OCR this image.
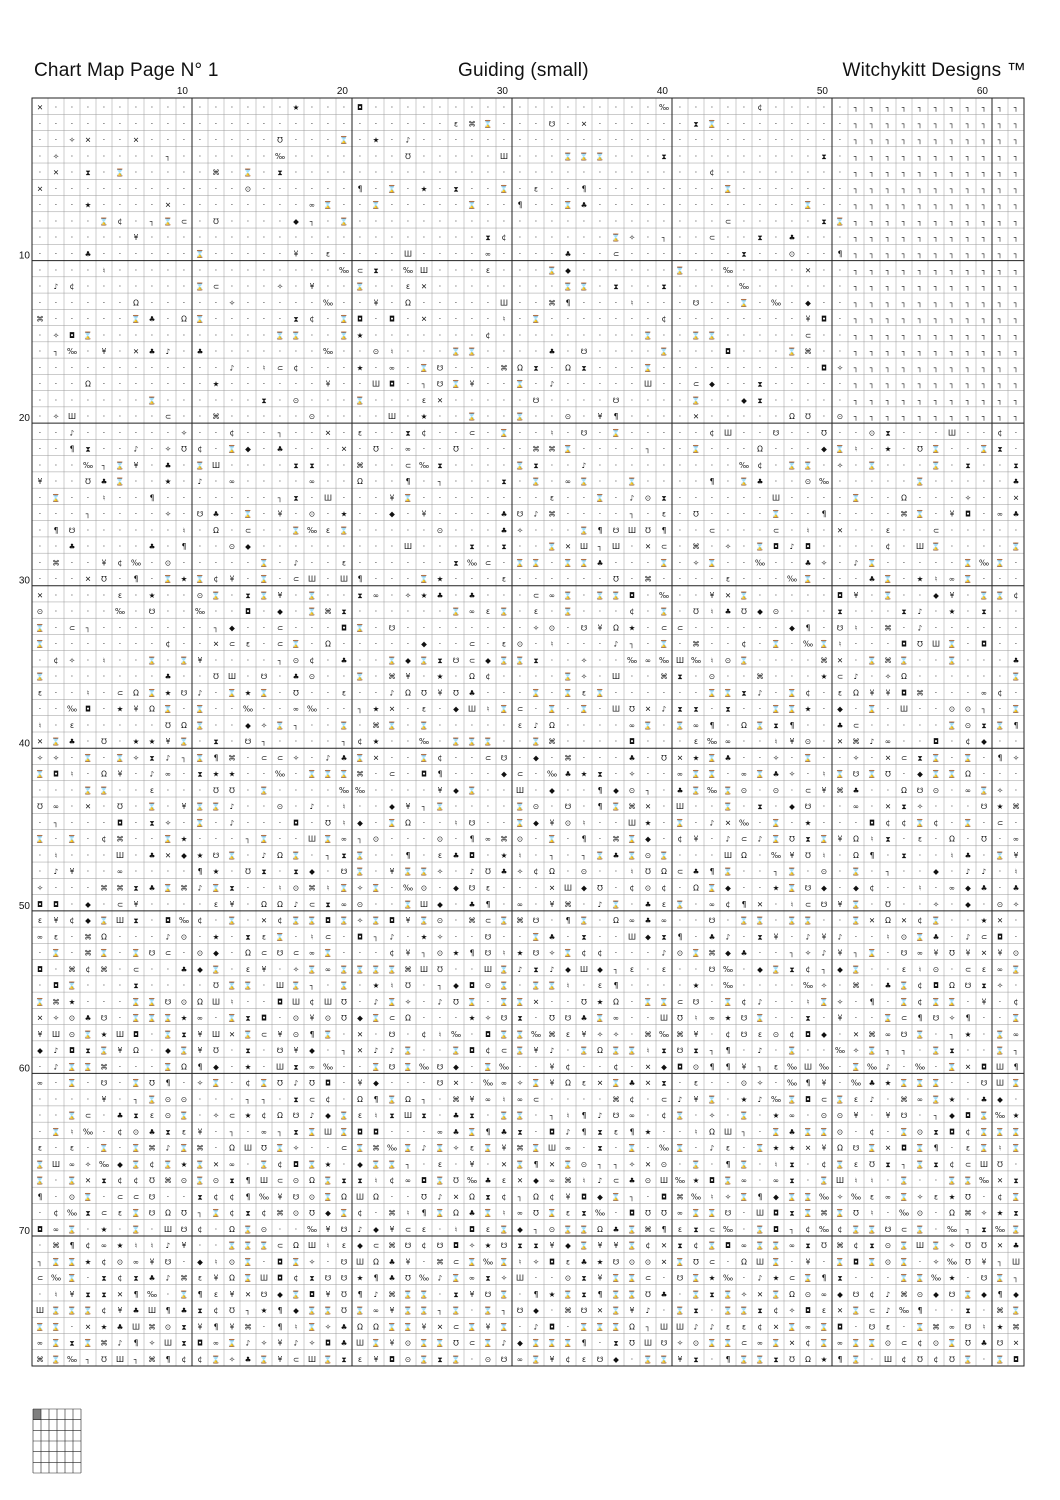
Chart Map Page N° 1	Guiding (small)	Witchykitt Designs ™
10	20	30	40	50	60
10
20
30
40
50
60
70
✕ · · · · · · · · · · · · · · · ★ · · · ◘ · · · · · · · · · · · · · · · · · · ‰ · · · · · ¢ · · · · · ┐ ┐ ┐ ┐ ┐ ┐ ┐ ┐ ┐ ┐ ┐
· · · · · · · · · · · · · · · · · · · · · · · · · · ε ⌘ ⌛ · · · ☋ · ✕ · · · · · · ⧗ ⌛ · · · · · · · · ┐ ┐ ┐ ┐ ┐ ┐ ┐ ┐ ┐ ┐ ┐
· · ✧ ✕ · · ✕ · · · · · · · · ℧ · · · ⌛ · ★ · ♪ · · · · · · · · · · · · · · · · · · · · · · · · · · · ┐ ┐ ┐ ┐ ┐ ┐ ┐ ┐ ┐ ┐ ┐
· ✧ · · · · · · ┐ · · · · · · ‰ · · · · · · · ℧ · · · · · Ш · · · ⌛ ⌛ ⌛ · · · ⧗ · · · · · · · · · ⧗ · ┐ ┐ ┐ ┐ ┐ ┐ ┐ ┐ ┐ ┐ ┐
· ✕ · ⧗ · ⌛ · · · · · ⌘ · ⌛ · ⧗ · · · · · · · · · · · · · · · · · · · · · · · · · · ¢ · · · · · · · · ┐ ┐ ┐ ┐ ┐ ┐ ┐ ┐ ┐ ┐ ┐
✕ · · · · · · · · · · · · ⊙ · · · · · · ¶ · ⌛ · ★ · ⧗ · · ⌛ · ε · · ¶ · · · · · · · · ⌛ · · · · · · · ┐ ┐ ┐ ┐ ┐ ┐ ┐ ┐ ┐ ┐ ┐
· · · ★ · · · · ✕ · · · · · · · · ∞ ⌛ · · ⌛ · · · · · ⌛ · · ¶ · · ⌛ ♣ · · · · · · · · · · · · · ⌛ · · ┐ ┐ ┐ ┐ ┐ ┐ ┐ ┐ ┐ ┐ ┐
· · · · ⌛ ¢ · ┐ ⌛ ⊂ · ℧ · · · · ◆ ┐ · ⌛ · · · · · · · · · · · · · · · · · · · · · · · ⊂ · · · · · ⧗ ⌛ ┐ ┐ ┐ ┐ ┐ ┐ ┐ ┐ ┐ ┐ ┐
· · · · · · ¥ · · · · · · · · · · · · · · · · · · · · · ⧗ ¢ · · · · · · ⌛ ✧ · ┐ · · ⊂ · · ⧗ · ♣ · · · ┐ ┐ ┐ ┐ ┐ ┐ ┐ ┐ ┐ ┐ ┐
· · · ♣ · · · · · · ⌛ · · · · · ¥ · ε · · · · Ш · · · · ∞ · · · · ♣ · · ⊂ · · · · · · · ⧗ · · ⊙ · · ¶ ┐ ┐ ┐ ┐ ┐ ┐ ┐ ┐ ┐ ┐ ┐
· · · · ♮ · · · · · · · · · · · · · · ‰ ⊂ ⧗ · ‰ Ш · · · ε · · · ⌛ ◆ · · · · · · ⌛ · · ‰ · · · · ✕ · · ┐ ┐ ┐ ┐ ┐ ┐ ┐ ┐ ┐ ┐ ┐
· ♪ ¢ · · · · · · · ⌛ ⊂ · · · ✧ · ¥ · · ⌛ · · ε ✕ · · · · · · · · ⌛ ⌛ · ⧗ · · ⧗ · · · · ‰ · · · · · · ┐ ┐ ┐ ┐ ┐ ┐ ┐ ┐ ┐ ┐ ┐
· · · · · · Ω · · · · · ✧ · · · · · ‰ · · ¥ · Ω · · · · · Ш · · ⌘ ¶ · · · ♮ · · · ☋ · · ⌛ · ‰ · ◆ · · ┐ ┐ ┐ ┐ ┐ ┐ ┐ ┐ ┐ ┐ ┐
⌘ · · · · · ⌛ ♣ · Ω ⌛ · · · · · ⧗ ¢ · ⌛ ◘ · ◘ · ✕ · · · · ♮ · ⌛ · · · · · · · ¢ · · · · · · · · ¥ ◘ · ┐ ┐ ┐ ┐ ┐ ┐ ┐ ┐ ┐ ┐ ┐
· ✧ ◘ ⌛ · · · · · · · · · · · ⌛ ⌛ · · ⌛ ★ · · · · · · · ¢ · · · · · · · · · ⌛ · · ⌛ ⌛ · · · · · ⊂ · · ┐ ┐ ┐ ┐ ┐ ┐ ┐ ┐ ┐ ┐ ┐
· ┐ ‰ · ¥ · ✕ ♣ ♪ · ♣ · · · · · · · ‰ · · ⊙ ♮ · · · ⌛ ⌛ · · · · ♣ · ☋ · · · · ⌛ · · · ◘ · · · ⌛ ⌘ · · ┐ ┐ ┐ ┐ ┐ ┐ ┐ ┐ ┐ ┐ ┐
· · · · · · · · · · · · ♪ · ♮ ⊂ ¢ · · · ★ · ∞ · ⌛ ☋ · · · ⌘ Ω ⧗ · Ω ⧗ · · · ⌛ · · · · · · · · · · ◘ ✧ ┐ ┐ ┐ ┐ ┐ ┐ ┐ ┐ ┐ ┐ ┐
· · · Ω · · · · · · · ★ · · · · · · ¥ · · Ш ◘ · ┐ ☋ ⌛ ¥ · · ⌛ · ♪ · · · · · Ш · · ⊂ ◆ · · ⧗ · · · · · ┐ ┐ ┐ ┐ ┐ ┐ ┐ ┐ ┐ ┐ ┐
· · · · · · · ⌛ · · · · · · ⧗ · ⊙ · · · ⌛ · · · ε ✕ · · · · · ☋ · · · · ☋ · · · · ⌛ · · ◆ ⧗ · · · · · ┐ ┐ ┐ ┐ ┐ ┐ ┐ ┐ ┐ ┐ ┐
· ✧ Ш · · · · · ⊂ · · ⌘ · · · · · ⊙ · · · · Ш · ★ · · ⌛ · · ⌛ · · ⊙ · ¥ ¶ · · · · ✕ · · · · · Ω ℧ · ⊙ ┐ ┐ ┐ ┐ ┐ ┐ ┐ ┐ ┐ ┐ ┐
· · ♪ · · · · · · ✧ · · ¢ · · ┐ · · ✕ · ε · · ⧗ ¢ · · ⊂ · ⌛ · · ♮ · ☋ · ⌛ · · · · · ¢ Ш · · ☋ · · ℧ · · ⊙ ⧗ · · · Ш · · ¢ ·
· · ¶ ⧗ · · ♪ · ✧ ℧ ¢ · ⌛ ◆ · ♣ · · · ✕ · ℧ · ∞ · · ℧ · · · · ⌘ ⌘ ⌛ · · · · ┐ · · ⌛ · · · Ω · · · ◆ ⌛ ♮ · ★ · ℧ ⌛ · · ⌛ ⧗ ·
· · · ‰ ┐ ⌛ ¥ · ♣ · ⌛ Ш · · · · ⧗ ⧗ · · ⌘ · · ⊂ ‰ ⧗ · · · · ⌛ ⧗ · · ♪ · · · · · · · · · ‰ ¢ · ⌛ ⌛ · ✧ · ⌛ · · · ⌛ · ⧗ · · ⧗
¥ · · ℧ ♣ ⌛ · · ★ · ♪ · ∞ · · · · ∞ · · Ω · · ¶ · ┐ · · · ⧗ · ⌛ · ∞ ⌛ · · ⌛ · · · · ¶ · ⌛ ♣ · · ⊙ ‰ · · · · · ⌛ · · · · · ♣
· ⌛ · · ♮ · · ¶ · · · · · · · ┐ ⧗ · Ш · · · ¥ ⌛ · · · · · · · · ε · · ⌛ · ♪ ⊙ ⧗ · · · · · · Ш · · · · ⌛ · · Ω · · · ✧ · · ✕
· · · ┐ · · · · ✧ · ☋ ♣ · ⌛ · ¥ · ⊙ · ★ · · ◆ · ¥ · · · · ♣ ☋ ♪ ⌘ · · · · ┐ · ε · ℧ · · · · ⌛ · · ¶ · · · · ⌘ ⌛ · ¥ ◘ · ∞ ♣
· ¶ ☋ · · · · · · ♮ · Ω · ⊂ · · ⌛ ‰ ε ⌛ · · · · · ⊙ · · · ♣ ✧ · · · ⌛ ¶ ☋ Ш ℧ ¶ · · ⊂ · · · ⊂ · ♮ · ✕ · · ε · · ⊂ · · · · ·
· · ♣ · · · · ♣ · ¶ · · ⊙ ◆ · · · · · · · · · Ш · · · ⧗ · ⧗ · · ⌛ ✕ Ш ┐ Ш · ✕ ⊂ · ⌘ · ✧ · ⌛ ◘ ♪ ◘ · · · · ¢ · Ш ⌛ · · · · ⌛
· ⌘ · · ¥ ¢ ‰ · ⊙ · · · · · ⌛ · ♪ · · ε · · · · · · ⧗ ‰ ⊂ · ⌛ ⌛ · ⌛ ⌛ ♣ · · · ⌛ · ✧ ⌛ · · ‰ · · ♣ ✧ · ♪ ⌛ · · · · · ⌛ ‰ ⌛ ·
· · · ✕ ℧ · ¶ · ⌛ ★ ⌛ ¢ ¥ · ⌛ · ⊂ Ш · Ш ¶ · · · ⌛ ★ · · · ε · · · · · · ℧ · ⌘ · · · · ε · · · ‰ ⌛ · · · ♣ ⌛ · ★ ♮ ∞ ⌛ · · ·
✕ · · · · ε · ★ · · ⊙ ⌛ · ⧗ ⌛ ¥ · ⌛ · · ⧗ ∞ · ✧ ★ ♣ · ♣ · · · ⊂ ∞ ⌛ · ⌛ ⌛ ◘ · ‰ · · ¥ ✕ ⌛ · · · · · ◘ ¥ · ⌛ · · ◆ ¥ · ⌛ ⌛ ¢
⊙ · · · · ‰ · ☋ · · ‰ · · ◘ · ◆ · ⌛ ⌘ ⧗ · · · · · · ⌛ ∞ ε ⌛ · ε · ⌛ · · · ¢ · ⌛ · ℧ ♮ ♣ ℧ ◆ ⊙ · · · ⧗ · · · ⧗ ♪ · ★ · ⧗ · ·
⌛ · ⊂ ┐ · · · · · · · ┐ ◆ · · ⊂ · · · ◘ ⌛ · ☋ · · · · · · · · ✧ ⊙ · ☋ ¥ Ω ★ · ⊂ ⊂ · · · · · · ◆ ¶ · ☋ ♮ · ⌘ · ♪ · · · · · ·
⌛ · · · · · · · ¢ · · ✕ ⊂ ε · ⊂ ⌛ · Ω · · · · · ◆ · · ⊂ · ε ⊙ · ♮ · · · ♪ ┐ · ⌛ · ⌘ · · ¢ · ⌛ · ‰ ⌛ ♮ · · · ◘ ℧ Ш ⌛ · ◘ · ·
· ¢ ✧ · ♮ · · ⌛ · ⌛ ¥ · · · · ┐ ⊙ ¢ · ♣ · · ⌛ ◆ ⌛ ⧗ ☋ ⊂ ◆ ⌛ ⌛ ⧗ · · ✧ · · ‰ ∞ ‰ Ш ‰ ♮ ⊙ ⌛ · · · · ⌘ ✕ · ⌛ ⌘ ⌛ · · ⌛ · · · ♣
⌛ · · · · · · · ♣ · · ℧ Ш · ☋ · ♣ ⊙ · · ⌛ · ⌘ ¥ · ★ · Ω ¢ · · · · ⌛ ✧ · Ш · · ⌘ ⧗ · ⊙ · · ⌘ · · · ★ ⊂ ♪ · ✧ Ω · · · · · · ⌛
ε · · ♮ · ⊂ Ω ⌛ ★ ☋ ♪ · ⌛ ★ ⌛ · ℧ · · ε · · ♪ Ω ℧ ¥ ℧ ♣ · · · ⌛ · ⌛ ε ⌛ · · · · · · ⌛ ⌛ ⧗ ♪ · ⌛ ¢ · ε Ω ¥ ¥ ◘ ⌘ · · · ∞ ¢ ·
· · ‰ ◘ · ★ ¥ Ω ⌛ · ⌛ · · ‰ · · ∞ ‰ · · ┐ ★ ✕ · ε · ◆ Ш ♮ ⌛ ⊂ · ⌛ · ⌛ · Ш ℧ ✕ ♪ ⧗ ⧗ · ⧗ · · ⌛ ⌛ ★ · ◆ · ⌛ · Ш · · ⊙ ⊙ ┐ · ⌛
♮ · ε · · · · · ℧ Ω ⌛ · · ◆ ✧ ⌛ ┐ · · ⌛ · ⌘ ⌛ · ⌛ · · · · · ε ♪ Ω · · · · ∞ ⌛ · ⌛ ∞ ¶ · Ω ⌛ ⧗ ¶ · · ♣ ⊂ · · · · · ⌛ ⊙ ⧗ ⌛ ¶
✕ ⌛ ♣ · ℧ · ★ ★ ¥ ⌛ · ⧗ · ☋ ┐ · · · · ┐ ¢ ★ · · ‰ · ⌛ ⌛ ⌛ · · ⌛ ⌘ · · · · ◘ · · · ε ‰ ∞ · · ♮ ¥ ⊙ · ✕ ⌘ ♪ ∞ · · ◘ · ¢ ◆ · ·
✧ ✧ · ⌛ · ⌛ ✧ ⧗ ♪ ┐ ⌛ ¶ ⌘ · ⊂ ⊂ ✧ · ♪ ♣ ⌛ ✕ · · ⌛ ¢ · · ⊂ ☋ · ◆ · ⌘ · · · ♣ · ℧ ✕ ★ ⌛ ♣ · · ✧ · ⌛ · · ✧ · ✕ ⊂ ⧗ ⌛ · ⌛ · ¶ ✧
⌛ ◘ ♮ · Ω ¥ · ♪ ∞ · ⧗ ★ ★ · · ‰ · ⌛ ⌛ ⌛ ⌘ · ⊂ · ◘ ¶ · · · ◆ ⊂ · ‰ ♣ ★ ⧗ · ✧ · · ∞ ⌛ ⌛ · ∞ ⌛ ♣ ✧ · ♮ ⌛ ☋ ⌛ ℧ · ◆ ⌛ ⌛ Ω · · ·
· · · ⌛ ⌛ · · ε · · · ℧ ℧ · ⌛ · · · · ‰ ‰ · · · · ¥ ◆ ⌛ · · Ш · ◆ · · ¶ ◆ ⊙ ┐ · ♣ ⌛ ‰ ⌛ ⊙ · ⊙ · ⊂ ¥ ⌘ ♣ · · Ω ☋ ⊙ · ∞ ⌛ ✧ ·
℧ ∞ · ✕ · ℧ · ⌛ · ¥ ⌛ ⌛ ♪ · · ⊙ · ♪ · ♮ · · ◆ ¥ ┐ ⌛ · · · · ⌛ ⊙ · ☋ · ¶ ⌛ ⌘ ✕ · Ш · · ⌛ · ⧗ · ◆ ☋ · · ∞ · ✕ ⧗ ✧ · · · ☋ ★ ⌘
· ┐ · · · ◘ · ⧗ ✧ · ⌛ · ♪ · · · ◘ · ℧ ♮ ◆ · ⌛ Ω · · ♮ ☋ · · ⌛ ◆ ¥ ⊙ ♮ · · Ш ★ · ⌛ · ♪ ✕ ‰ · ⌛ · ★ · · · ◘ ¢ ¢ ⌛ ¢ · ⌛ · ⊂ ·
⌛ · ⌛ · ¢ ⌘ · · ⌛ ★ · · · ┐ ⌛ · · Ш ⌛ ∞ ┐ ⊙ · · · ⊙ · ¶ ∞ ⌘ ⊙ · ⌛ · ¶ · ⌘ ⌛ ◆ · ¢ ¥ · ♪ ⊂ ♪ ⌛ ℧ ⧗ ⌛ ¥ Ω ♮ ⧗ · ε · Ω · ℧ · ∞
· ♮ · · · Ш · ♣ ✕ ◆ ★ ☋ ⌛ · ♪ Ω ⌛ · ┐ ⧗ ⌛ · · ¶ · ε ♣ ◘ · ★ ♮ · ┐ · ┐ ⌛ ♣ ⌛ ⊙ ⌛ · · · Ш Ω · ‰ ¥ ℧ ♮ · Ω ¶ · ⧗ · · ♮ ♣ · ⌛ ¥
· ♪ ¥ · · ∞ · · · · ¶ ★ · ℧ ⧗ · ⧗ ◆ · ☋ ⌛ · ¥ ⌛ ⌛ ✧ · ♪ ℧ ♣ ✧ ¢ Ω · ⊙ · · ♮ ℧ Ω ⊂ ♣ ¶ ⌛ · · ┐ ⌛ · ⊙ · ⌛ · ┐ · · ◆ · ♪ ♪ · ♮
✧ · · · ⌘ ⌘ ⧗ ♣ ⌛ ⌘ ♪ ⌛ ⧗ · · ♮ ⊙ ⌘ ♮ ⌛ ✧ ⌛ · ‰ ⊙ · ◆ ☋ ε · · · ✕ Ш ◆ ℧ · ¢ ⊙ ¢ · Ω ⌛ ◆ · · ★ ⌛ ☋ ◆ · ◆ ¢ · · ♮ · ∞ ◆ ♣ · ♣
◘ ◘ · ◆ · ⊂ ¥ · · · · ε ¥ · Ω Ω ♪ ⊂ ⧗ ∞ ⊙ · · ⌛ Ш ◆ · ♣ ¶ · ∞ · ¥ ⌘ · ♪ ⌛ · ♣ ε ⌛ · ∞ ¢ ¶ ✕ · ♮ ⊂ ☋ ¥ ⌛ · ℧ · · ✧ · ◆ · ⊙ ✧
ε ¥ ¢ ◆ ⌛ Ш ⧗ · ◘ ‰ ¢ · ⌛ · ✕ ¢ ⌛ ⌛ ◘ ⌛ ✧ ⌛ ◘ ¥ ⌛ ⊙ · ⌘ ⊂ ⌛ ⌘ ☋ · ¶ ⌛ · Ω ∞ ♣ ∞ · · ☋ · ⌛ ⌛ · ⌛ ⌛ · · ⌛ ✕ Ω ✕ ¢ ⌛ · · ★ ✕ ·
∞ ε · ⌘ Ω · · · ♪ ⊙ · ★ · ⧗ ε ⌛ · ♮ ⊂ · ◘ ┐ ♪ · ★ ✧ · · ☋ · · ⌛ ♣ · ⧗ · · Ш ◆ ⧗ ¶ · ♣ ♪ · ⧗ ¥ · ♪ ¥ ♪ · · ♮ ⊙ ⌛ ♣ · ♪ ⊂ ◘ ·
· ⌛ · ⌘ ⌛ · ⌛ ☋ ⊂ · ⊙ ◆ · Ω ⊂ ☋ ⊂ ∞ ⌛ · · · ¢ ¥ ┐ ⊙ ★ ¶ ☋ ♮ ★ ☋ ✧ ⌛ ¢ ¢ · · · ♪ ⊙ ⌛ ⌘ ◆ ♣ · · ┐ ✧ ♪ ¥ ┐ ⌛ · ☋ ∞ ¥ ℧ ¥ ✕ ¥ ⊙
◘ · ⌘ ¢ ⌘ · ⊂ · · ♣ ◆ ⌛ · ε ¥ · ✧ ⌛ ∞ ⌛ ⌛ ⌛ ⌛ ⌘ Ш ℧ · · Ш ⌛ ♪ ⧗ ♪ ◆ Ш ◆ ┐ ε · ε · · ☋ ‰ · ◆ ⌛ ⧗ ¢ ┐ ◆ ⌛ · · ε ♮ ⊙ · ⊂ ε ∞ ⌛
· ◘ ⌛ · · · ⧗ · · · · ℧ ⌛ ⌛ · Ш ⌛ ┐ · ⌛ · ★ ♮ ℧ · ┐ ◆ ◘ ⊙ ⌛ · ⌛ ⌛ ♮ · ε ¶ · · · · ★ · ‰ · · · · ‰ ✧ · ⌘ · ♣ ⌛ ¢ ◘ Ω ☋ ⧗ ✧ ·
⌛ ⌘ ★ · · · ⌛ ⌛ ☋ ⊙ Ω Ш ♮ · · ◘ Ш ¢ Ш ℧ · ♪ ⌛ ✧ · ♪ ℧ ⌛ · ⌛ ⌛ ✕ · · ℧ ★ Ω · ⌛ ⌛ ⊂ ☋ · ⌛ ¢ ♪ · · ♮ ⌛ ✧ · ¶ · ⌛ ¢ ⌛ ⌛ · ¥ · ¢
✕ ✧ ⊙ ♣ ☋ · ⌛ ⌛ ⌛ ★ ∞ · ⌛ ⧗ ◘ · ⊙ ¥ ⊙ ℧ ◆ ⌛ ⊂ Ω · · · ★ ✧ ☋ ⧗ · ℧ ☋ ♣ ⌛ ∞ · · Ш ℧ ♮ ∞ ★ ☋ ⌛ · · ⧗ · ¥ · · ⌛ ⊂ ¶ ☋ ✧ ¶ · · ⌛
¥ Ш ⊙ ⌛ ★ Ш ◘ · ⌛ ⧗ ¥ Ш ✕ ⌛ ⊂ ¥ ⊙ ¶ ⌛ · ✕ · ☋ · ¢ ♮ ‰ · ◘ ⌛ ⌛ ‰ ⌘ ε ¥ ✧ ✧ · ⌘ ‰ ⌘ ¥ · ¢ ☋ ε ⊙ ¢ ◘ ◆ · ✕ ⌘ ∞ ☋ ⌛ · ┐ ★ · ⌛ ∞
◆ ♪ ◘ ⧗ ⌛ ¥ Ω · ◆ ⌛ ¥ ℧ · ⧗ · ☋ ¥ ◆ · ┐ ✕ ♪ ♪ ⌛ · · ⌛ ◘ ¢ ⊂ ⌛ ¥ ♪ · ⌛ Ω ⌛ ⌛ ♮ ⧗ ☋ ⧗ ┐ ¶ · ♪ · ⌛ · · ‰ ✧ ⌛ ┐ ┐ · ⌛ ⧗ · · ⌛ ┐
· ♪ ⌛ ⌛ ⌘ · · · ⌛ Ω ¶ ◆ · ★ · Ш ⧗ ∞ ‰ · · ⌛ ☋ ⌛ ‰ ☋ ◆ · ⌛ ‰ · · ¥ ¢ · · ¢ · ✕ ◆ ◘ ⊙ ¶ ¶ ¥ ┐ ε ‰ Ш ‰ · ⌛ ‰ ♪ · ‰ · ⌛ ✕ ◘ Ш ¶
∞ · ⌛ · ☋ · ⌛ ℧ ¶ · ✧ ⌛ · ¢ ⌛ ℧ ♪ ℧ ◘ · ¥ ◆ · · · ☋ ✕ · ‰ ∞ ✧ ⌛ ¥ Ω ε ✕ ⌛ ♣ ✕ ⧗ · ε · · ⊙ ✧ · ‰ ¶ ¥ · ‰ ♣ ★ ⌛ ⌛ ⌛ · · ☋ Ш ⌛
· · · · ¥ · ┐ ⌛ ⊙ ⊙ · · · ┐ ┐ · ⧗ ⊂ ¢ · Ω ¶ ⌛ Ω ┐ · ⌘ ¥ ∞ ♮ ∞ ⊂ · · · · ⌘ ¢ · ⊂ ♪ ¥ ⌛ · ★ ♪ ‰ ⌛ ◘ ⊂ ⌛ ε ♪ · ⌘ ∞ ⌛ ★ · ♣ ◆ ·
· · ⌛ ⊂ · ♣ ⧗ ε ⊙ ⌛ · ✧ ⊂ ★ ¢ Ω ☋ ♪ ◆ ⌛ ε ♮ ⧗ Ш ⧗ · ♣ ⧗ · ⌛ ⌛ · ┐ ♮ ¶ ♪ ☋ ∞ · ¢ ⌛ · ✧ · ⌛ · ★ ∞ · ⊙ ⊙ ¥ · ¥ ☋ · ┐ ◆ ◘ ⌛ ‰ ★
· ⌛ ♮ ‰ · ¢ ⊙ ♣ ⧗ ε ¥ · ┐ · ∞ ┐ ⧗ ⌛ Ш ⌛ ◘ ◘ · · · ∞ ♣ ⌛ ¶ ♣ ⧗ · ◘ ♪ ¶ ⧗ ε ¶ ★ · · ♮ Ω Ш ┐ · ⌛ ♣ ⌛ ⌛ ⊙ · ¢ · ⌛ ⊙ ⧗ ◘ ¢ ⌛ ⌛ ⌛
ε · ε · ⌛ · ⌛ ⌘ ♪ ⌛ ⌘ · Ω Ш ℧ ⌛ ✧ · · ⊂ ⌛ ⌘ ‰ ⌛ ♪ ⌛ ✧ ε ⌛ ¥ ⌘ ⌛ Ш ∞ · ⧗ · ⌛ · ‰ ⌛ · ♪ ε · ⌛ ★ ★ ✕ ¥ Ω ☋ ⌛ ✕ ◘ ⌛ ¶ · ε ⌛ ♮ ⌛
⌛ Ш ∞ ✧ ‰ ◆ ⌛ ¢ ⌛ ★ ⌛ ✕ ∞ · ⌛ ¢ ◘ ⌛ ★ · ◆ ⌛ ⌛ ┐ · ε · ¥ · ✕ ⌛ ¶ ✕ ⌛ ⊙ ┐ ┐ ✧ ✕ ⊙ · ⌛ · ¶ ⌛ · ♮ ⧗ · ¢ ⌛ ε ℧ ⧗ ┐ ⌛ ⧗ ¢ ⊂ Ш ℧ ·
⌛ · ⌛ ✕ ⧗ ¢ ¢ ℧ ⌘ ⊙ ⌛ ⊙ ⧗ ¶ Ш ⊂ ⊙ Ω ⌛ ⧗ ⧗ ♮ ¢ ∞ ◘ ⌛ ℧ ‰ ♣ ε ✕ ◆ ∞ ⌘ ♮ ♪ ⊂ ♣ ⊙ Ш ‰ ★ ◘ ⌛ ∞ · ∞ ⧗ · ⌛ Ш ♮ ♮ · ⌛ · · ⌛ ⌛ ‰ ✕ ⧗
¶ · ⊙ ⌛ · ⊂ ⊂ ☋ · · ⧗ ¢ ¢ ¶ ‰ ¥ ☋ ⊙ ⌛ Ω Ш Ω · · ℧ ♪ ✕ Ω ⧗ ¢ ┐ Ω ¢ ¥ ◘ ◆ ⌛ ┐ · ◘ ⌘ ‰ ♮ ✧ ⌛ ¶ ◆ ⌛ ⌛ ‰ ✧ ‰ ε ∞ ⌛ ✧ ε ★ ℧ · ¢ ⌛
· ¢ ‰ ⧗ ⊂ ε ⌛ ☋ Ω ℧ ┐ ⌛ ¢ ⧗ ¢ ⌘ ⊙ ℧ ◆ ⌛ ¢ · ⌘ ♮ ¶ ⌛ Ω ♣ ⌛ ♮ ∞ ℧ ⌛ ε ⧗ ‰ · ◘ ℧ ℧ ∞ ⌛ ⌛ ☋ · Ш ◘ ⧗ ⌛ ⌘ ⌛ ℧ ♮ · ‰ ⊙ · Ω ⌘ ✧ ★ ⧗
◘ ∞ ⌛ · ★ · ⌛ · Ш ☋ ¢ · Ω ⌛ ⊙ · · ‰ ¥ ☋ ♪ ◆ ¥ ⊂ ε · ♮ ◘ ε ⌛ ◆ ┐ ⊙ ⌛ ⌛ Ω ♣ ⌛ ⌘ ¶ ε ⧗ ⊂ ‰ · ⌛ ◘ ┐ ¢ ‰ ¢ ⌛ ⌛ ☋ ⊂ ⌛ · ‰ ┐ ⧗ ‰ ⌛
· ⌘ ¶ ¢ ∞ ★ ♮ ♮ ♪ ¥ · · ⌛ ⌛ ⌛ ⊂ Ω Ш ♮ ε ◆ ⊂ ⌘ ☋ ¢ ☋ ◘ ✧ ★ ☋ ⧗ ⧗ ¥ ◆ ⌛ ¥ ¥ ⌛ ¢ ✕ ⧗ ¢ ⌛ ◘ ∞ ⌛ ⌛ ∞ ⧗ ℧ ⌘ ¢ ⧗ ⊙ ⌛ Ш ⌛ ✧ ℧ ℧ ✕ ♣
┐ ⌛ ⌛ ★ ¢ ⊙ ∞ ¥ ☋ · ◆ ♮ ⊙ ⌛ · ◘ ⌛ ✧ · ☋ Ш Ω ♣ ¥ · ⌘ ⊂ ⌛ ‰ ⌛ ♮ ✧ ◘ ε ♣ ★ ☋ ⊙ ⊙ ✕ ⌛ ℧ ⊂ · Ω Ш ⌛ · ¥ · ⌛ ◘ ⌛ ⊙ ⌛ · ✧ ‰ ℧ ¥ ┐ Ш
⊂ ‰ ⌛ · ⧗ ¢ ⧗ ♣ ♪ ⌘ ε ¥ Ω ⌛ Ш ◘ ¢ ⧗ ☋ ☋ ★ ¶ ♣ ℧ ‰ ♪ ⌛ ∞ ⧗ ✧ Ш · · ⊙ ⧗ ¥ ⌛ ⌛ ⊂ · ☋ ⌛ ★ ‰ · ♪ ★ ⊂ ⌛ ¶ ⧗ · · · ⌛ ⌛ ‰ ★ · ☋ ⌛ ┐
· ♮ ¥ ⧗ ⧗ ✕ ¶ ‰ · ⌛ ¶ ε ¥ ✕ ☋ ◆ ⌛ ◘ ¥ ℧ ¶ ♪ ⌘ ⌛ ⌛ · ⧗ ¥ ☋ ⌛ · ¶ ★ ⌛ ⧗ ¶ ⌛ ⌛ ℧ ♣ · ⌛ ⧗ ⌛ ✧ ✕ ⌛ Ω ⊙ ∞ ◆ ☋ ¢ ♪ ⌘ ⊙ ◆ ☋ ⌛ ◆ ¶ ◆
Ш ⌛ ⌛ ⌛ ¢ ¥ ♣ Ш ¶ ♣ ⧗ ¢ ℧ ┐ ★ ¶ ◆ ⌛ ⌛ ℧ ⌛ ∞ ¥ ⌛ ⌛ ┐ ⌛ · ⌛ ┐ ☋ ◆ · ⌘ ☋ ✕ ⌛ ¥ ♪ · ⌛ ⧗ · ⌛ ⌛ ⧗ ¢ ✧ ◘ ε ✕ ⌛ ⊂ ♪ ‰ ¶ · · ⧗ · ⌘ ⌛
⌛ ⌛ · ✕ ★ ♣ Ш ⌘ ⊙ ⧗ ¥ ¶ ¥ ⌘ · ¶ ♮ ⌛ ✧ ♣ Ω Ω ⌛ ⌛ ¥ ✕ ⊂ ⌛ ¥ ⌛ · ♪ ◘ · ⌛ ⌛ ⌛ Ω ┐ Ш Ш ♪ ♪ ε ε ¢ ✕ ⌛ ∞ ⌛ ◘ · ☋ ε · ⌛ ⌘ ∞ ☋ ♮ ★ ⌘
∞ ⌛ ⧗ ⌛ ⌘ ♪ ¶ ✧ Ш ⧗ ◘ ∞ ⌛ ♪ ✧ ¥ ♪ ✧ ◘ ♣ Ш ⌛ ¥ ⊙ ⌛ ⌛ ℧ ⊂ ⌛ ♪ ◆ ⌛ ⌛ ⌛ ¶ · ⧗ ℧ Ш ☋ ✧ ⊙ ⌛ ⌛ ⊂ ∞ ⌛ ✕ ¢ ⌛ ∞ ⌛ ⌛ ⊙ ⊂ ¢ ⊙ ⌛ ℧ ♣ ☋ ✕
⌘ ⌛ ‰ ┐ ℧ Ш ┐ ⌘ ¶ ¢ ¢ ⌛ ✧ ♣ ⌛ ¥ ⊂ Ш ⌛ ⧗ ε ¥ ◘ ⊙ ⌛ ⧗ ⌛ · ⊙ ☋ ∞ ⌛ ¥ ¢ ε ☋ ◆ · ⌛ ⌛ ¥ ⧗ · ¶ ⌛ ⌛ ⧗ ℧ Ω ★ ¶ ⌛ · Ш ¢ ℧ ¢ ℧ ⌛ · ⌛ ◘
